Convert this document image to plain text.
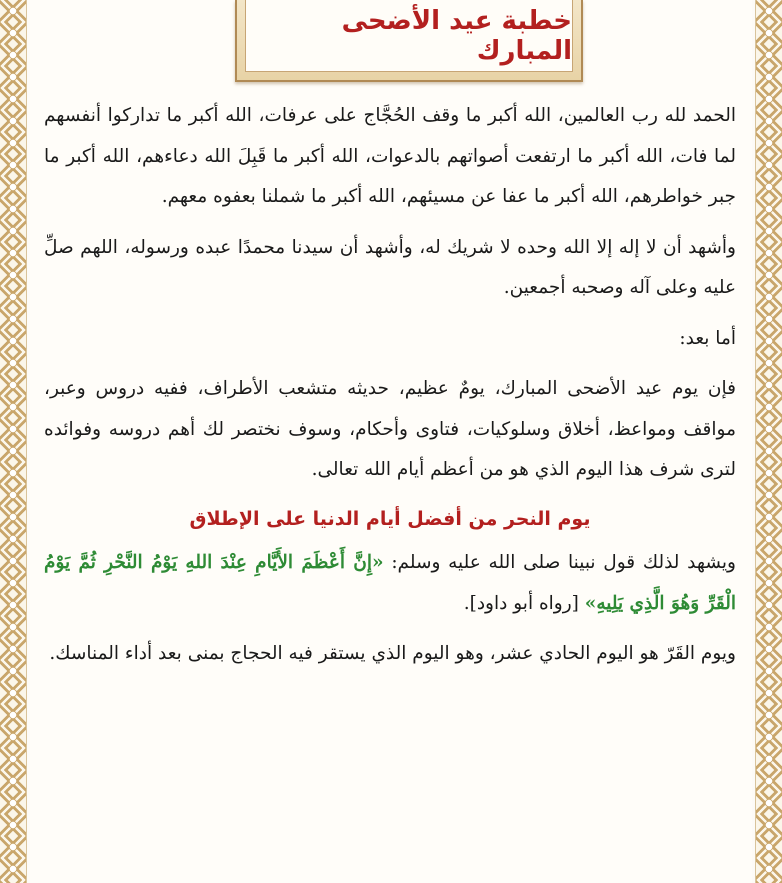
خطبة عيد الأضحى المبارك

الحمد لله رب العالمين، الله أكبر ما وقف الحُجَّاج على عرفات، الله أكبر ما تداركوا أنفسهم لما فات، الله أكبر ما ارتفعت أصواتهم بالدعوات، الله أكبر ما قَبِلَ الله دعاءهم، الله أكبر ما جبر خواطرهم، الله أكبر ما عفا عن مسيئهم، الله أكبر ما شملنا بعفوه معهم.

وأشهد أن لا إله إلا الله وحده لا شريك له، وأشهد أن سيدنا محمدًا عبده ورسوله، اللهم صلِّ عليه وعلى آله وصحبه أجمعين.

أما بعد:

فإن يوم عيد الأضحى المبارك، يومٌ عظيم، حديثه متشعب الأطراف، ففيه دروس وعبر، مواقف ومواعظ، أخلاق وسلوكيات، فتاوى وأحكام، وسوف نختصر لك أهم دروسه وفوائده لترى شرف هذا اليوم الذي هو من أعظم أيام الله تعالى.

يوم النحر من أفضل أيام الدنيا على الإطلاق

ويشهد لذلك قول نبينا صلى الله عليه وسلم: «إِنَّ أَعْظَمَ الأَيَّامِ عِنْدَ اللهِ يَوْمُ النَّحْرِ ثُمَّ يَوْمُ الْقَرِّ وَهُوَ الَّذِي يَلِيهِ» [رواه أبو داود].

ويوم القَرّ هو اليوم الحادي عشر، وهو اليوم الذي يستقر فيه الحجاج بمنى بعد أداء المناسك.
